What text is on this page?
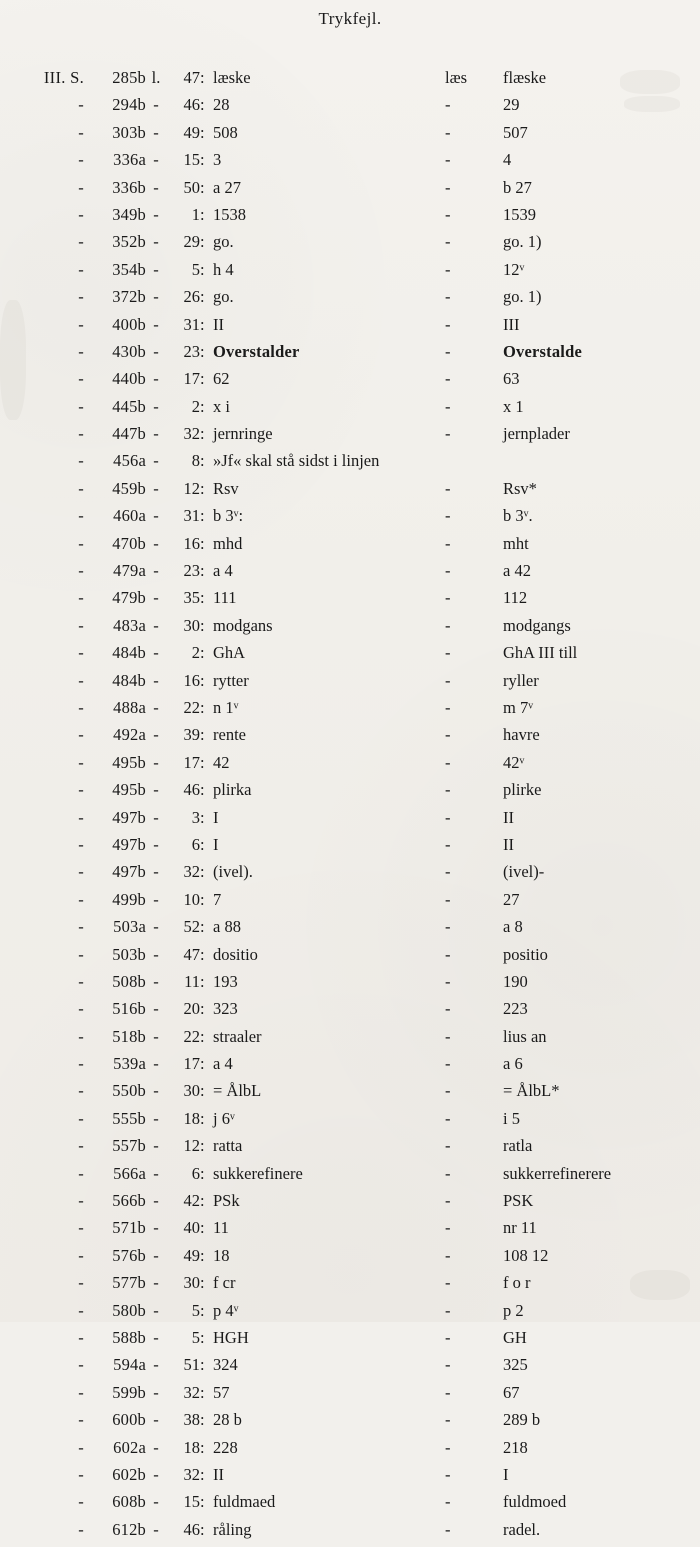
Trykfejl.
III. S.	285b l.	47 : læske	læs	flæske
-	294b -	46 : 28	-	29
-	303b -	49 : 508	-	507
-	336a -	15 : 3	-	4
-	336b -	50 : a 27	-	b 27
-	349b -	1 : 1538	-	1539
-	352b -	29 : go.	-	go. 1)
-	354b -	5 : h 4	-	12ᵛ
-	372b -	26 : go.	-	go. 1)
-	400b -	31 : II	-	III
-	430b -	23 : Overstalder	-	Overstalde
-	440b -	17 : 62	-	63
-	445b -	2 : x i	-	x 1
-	447b -	32 : jernringe	-	jernplader
-	456a -	8 : »Jf« skal stå sidst i linjen
-	459b -	12 : Rsv	-	Rsv*
-	460a -	31 : b 3ᵛ:	-	b 3ᵛ.
-	470b -	16 : mhd	-	mht
-	479a -	23 : a 4	-	a 42
-	479b -	35 : 111	-	112
-	483a -	30 : modgans	-	modgangs
-	484b -	2 : GhA	-	GhA III till
-	484b -	16 : rytter	-	ryller
-	488a -	22 : n 1ᵛ	-	m 7ᵛ
-	492a -	39 : rente	-	havre
-	495b -	17 : 42	-	42ᵛ
-	495b -	46 : plirka	-	plirke
-	497b -	3 : I	-	II
-	497b -	6 : I	-	II
-	497b -	32 : (ivel).	-	(ivel)-
-	499b -	10 : 7	-	27
-	503a -	52 : a 88	-	a 8
-	503b -	47 : dositio	-	positio
-	508b -	11 : 193	-	190
-	516b -	20 : 323	-	223
-	518b -	22 : straaler	-	lius an
-	539a -	17 : a 4	-	a 6
-	550b -	30 : = ÅlbL	-	= ÅlbL*
-	555b -	18 : j 6ᵛ	-	i 5
-	557b -	12 : ratta	-	ratla
-	566a -	6 : sukkerefinere	-	sukkerrefinerere
-	566b -	42 : PSk	-	PSK
-	571b -	40 : 11	-	nr 11
-	576b -	49 : 18	-	108 12
-	577b -	30 : f cr	-	f o r
-	580b -	5 : p 4ᵛ	-	p 2
-	588b -	5 : HGH	-	GH
-	594a -	51 : 324	-	325
-	599b -	32 : 57	-	67
-	600b -	38 : 28 b	-	289 b
-	602a -	18 : 228	-	218
-	602b -	32 : II	-	I
-	608b -	15 : fuldmaed	-	fuldmoed
-	612b -	46 : råling	-	radel.
